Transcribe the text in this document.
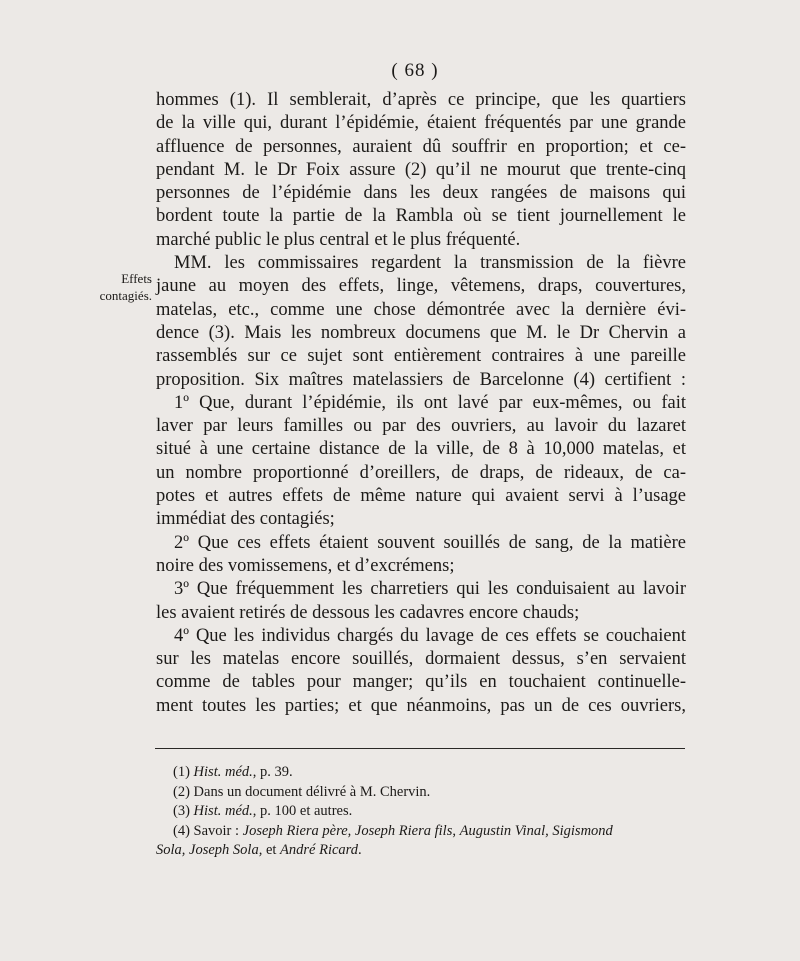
( 68 )
Effets
contagiés.

hommes (1). Il semblerait, d’après ce principe, que les quartiers

de la ville qui, durant l’épidémie, étaient fréquentés par une grande

affluence de personnes, auraient dû souffrir en proportion; et ce-

pendant M. le Dr Foix assure (2) qu’il ne mourut que trente-cinq

personnes de l’épidémie dans les deux rangées de maisons qui

bordent toute la partie de la Rambla où se tient journellement le

marché public le plus central et le plus fréquenté.

MM. les commissaires regardent la transmission de la fièvre

jaune au moyen des effets, linge, vêtemens, draps, couvertures,

matelas, etc., comme une chose démontrée avec la dernière évi-

dence (3). Mais les nombreux documens que M. le Dr Chervin a

rassemblés sur ce sujet sont entièrement contraires à une pareille

proposition. Six maîtres matelassiers de Barcelonne (4) certifient :

1º Que, durant l’épidémie, ils ont lavé par eux-mêmes, ou fait

laver par leurs familles ou par des ouvriers, au lavoir du lazaret

situé à une certaine distance de la ville, de 8 à 10,000 matelas, et

un nombre proportionné d’oreillers, de draps, de rideaux, de ca-

potes et autres effets de même nature qui avaient servi à l’usage

immédiat des contagiés;

2º Que ces effets étaient souvent souillés de sang, de la matière

noire des vomissemens, et d’excrémens;

3º Que fréquemment les charretiers qui les conduisaient au lavoir

les avaient retirés de dessous les cadavres encore chauds;

4º Que les individus chargés du lavage de ces effets se couchaient

sur les matelas encore souillés, dormaient dessus, s’en servaient

comme de tables pour manger; qu’ils en touchaient continuelle-

ment toutes les parties; et que néanmoins, pas un de ces ouvriers,

(1) Hist. méd., p. 39.

(2) Dans un document délivré à M. Chervin.

(3) Hist. méd., p. 100 et autres.

(4) Savoir : Joseph Riera père, Joseph Riera fils, Augustin Vinal, Sigismond

Sola, Joseph Sola, et André Ricard.
